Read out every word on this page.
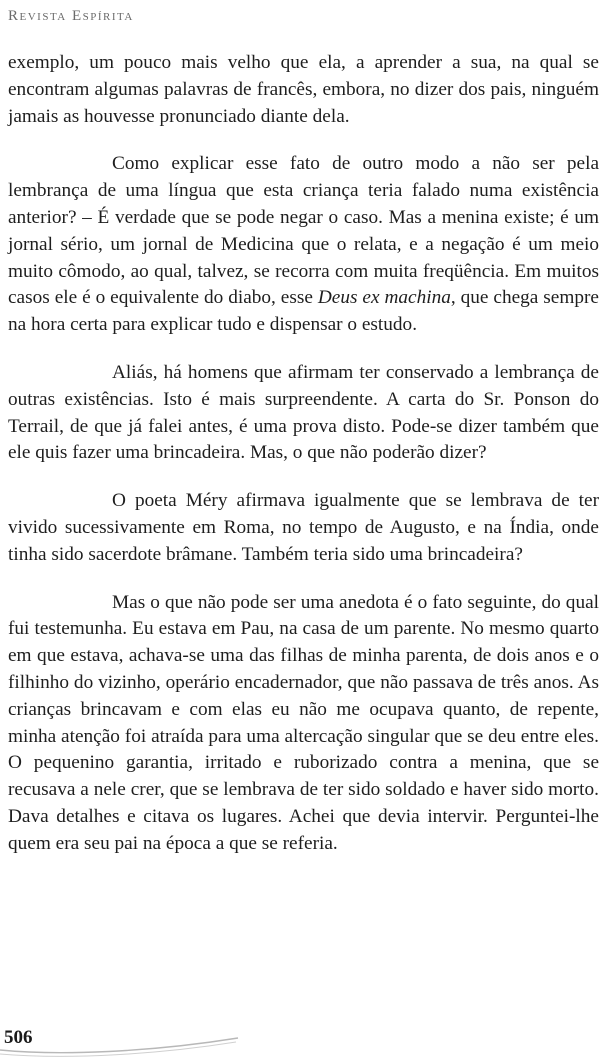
Revista Espírita

exemplo, um pouco mais velho que ela, a aprender a sua, na qual se encontram algumas palavras de francês, embora, no dizer dos pais, ninguém jamais as houvesse pronunciado diante dela.

Como explicar esse fato de outro modo a não ser pela lembrança de uma língua que esta criança teria falado numa existência anterior? – É verdade que se pode negar o caso. Mas a menina existe; é um jornal sério, um jornal de Medicina que o relata, e a negação é um meio muito cômodo, ao qual, talvez, se recorra com muita freqüência. Em muitos casos ele é o equivalente do diabo, esse Deus ex machina, que chega sempre na hora certa para explicar tudo e dispensar o estudo.

Aliás, há homens que afirmam ter conservado a lembrança de outras existências. Isto é mais surpreendente. A carta do Sr. Ponson do Terrail, de que já falei antes, é uma prova disto. Pode-se dizer também que ele quis fazer uma brincadeira. Mas, o que não poderão dizer?

O poeta Méry afirmava igualmente que se lembrava de ter vivido sucessivamente em Roma, no tempo de Augusto, e na Índia, onde tinha sido sacerdote brâmane. Também teria sido uma brincadeira?

Mas o que não pode ser uma anedota é o fato seguinte, do qual fui testemunha. Eu estava em Pau, na casa de um parente. No mesmo quarto em que estava, achava-se uma das filhas de minha parenta, de dois anos e o filhinho do vizinho, operário encadernador, que não passava de três anos. As crianças brincavam e com elas eu não me ocupava quanto, de repente, minha atenção foi atraída para uma altercação singular que se deu entre eles. O pequenino garantia, irritado e ruborizado contra a menina, que se recusava a nele crer, que se lembrava de ter sido soldado e haver sido morto. Dava detalhes e citava os lugares. Achei que devia intervir. Perguntei-lhe quem era seu pai na época a que se referia.

506
